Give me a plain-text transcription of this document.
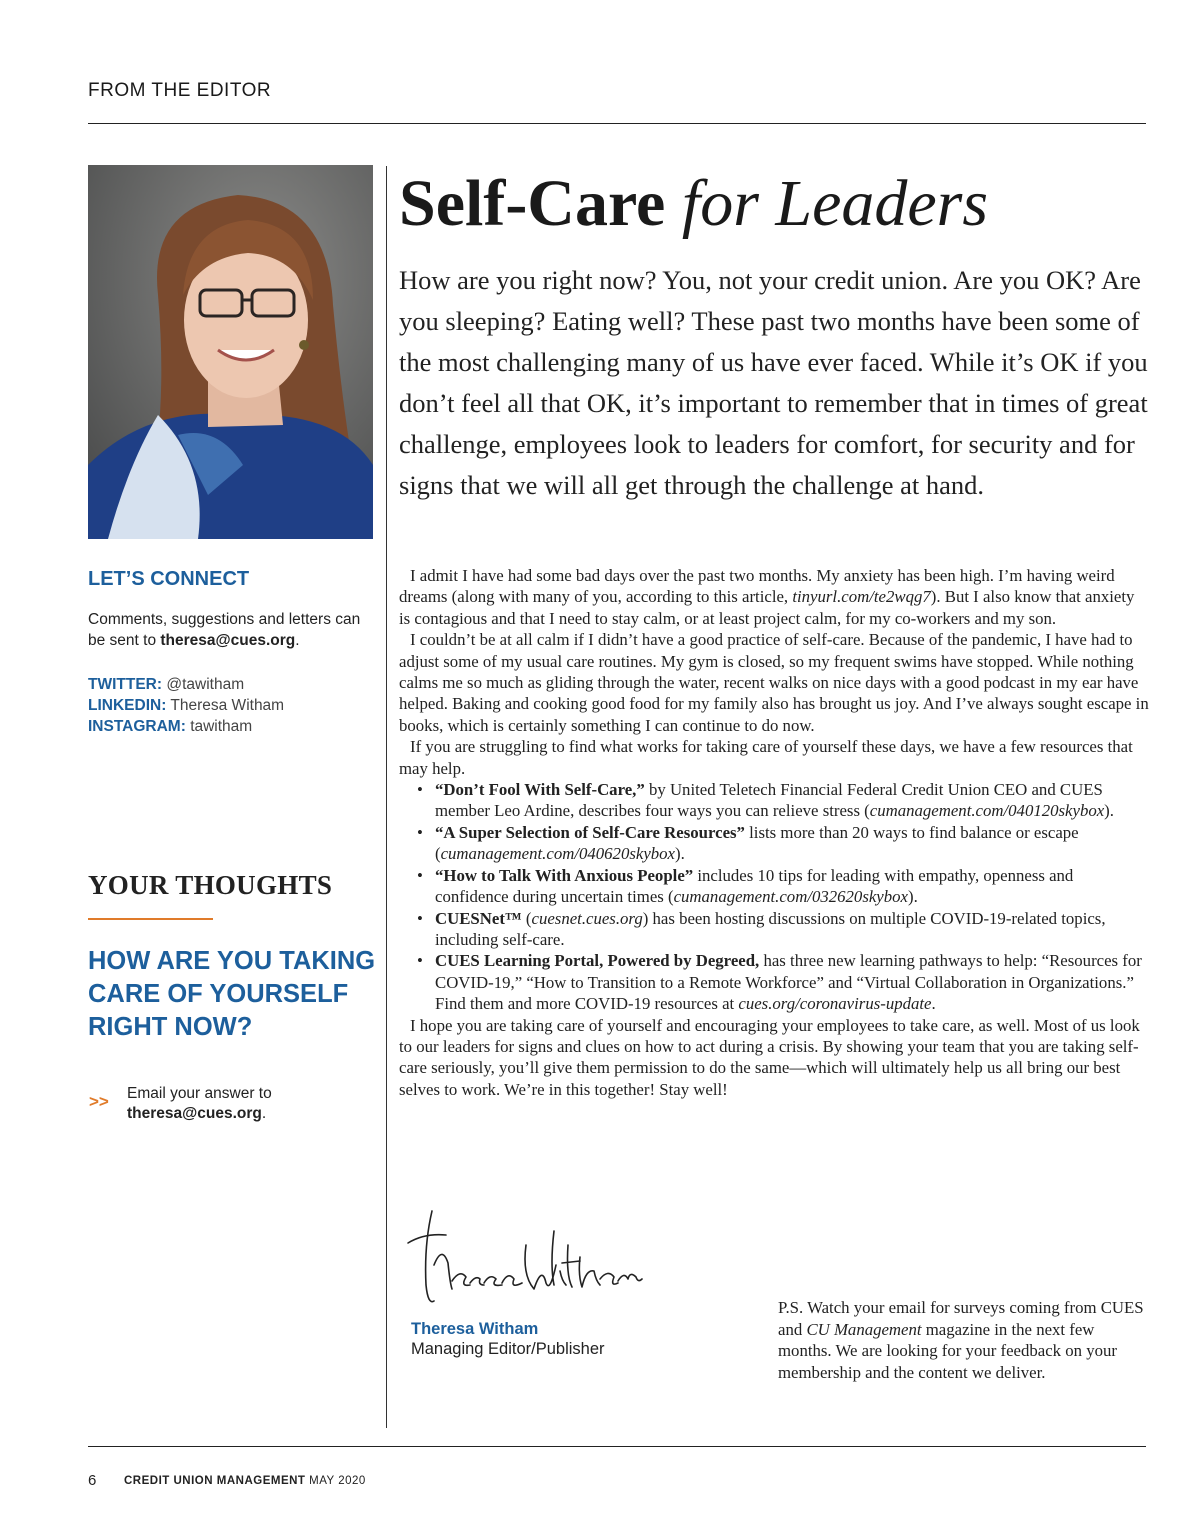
FROM THE EDITOR
LET’S CONNECT
Comments, suggestions and letters can be sent to theresa@cues.org.
TWITTER: @tawitham
LINKEDIN: Theresa Witham
INSTAGRAM: tawitham
YOUR THOUGHTS
HOW ARE YOU TAKING CARE OF YOURSELF RIGHT NOW?
>> Email your answer to
theresa@cues.org.
Self-Care for Leaders
How are you right now? You, not your credit union. Are you OK? Are you sleeping? Eating well? These past two months have been some of the most challenging many of us have ever faced. While it’s OK if you don’t feel all that OK, it’s important to remember that in times of great challenge, employees look to leaders for comfort, for security and for signs that we will all get through the challenge at hand.

I admit I have had some bad days over the past two months. My anxiety has been high. I’m having weird dreams (along with many of you, according to this article, tinyurl.com/te2wqg7). But I also know that anxiety is contagious and that I need to stay calm, or at least project calm, for my co-workers and my son.

I couldn’t be at all calm if I didn’t have a good practice of self-care. Because of the pandemic, I have had to adjust some of my usual care routines. My gym is closed, so my frequent swims have stopped. While nothing calms me so much as gliding through the water, recent walks on nice days with a good podcast in my ear have helped. Baking and cooking good food for my family also has brought us joy. And I’ve always sought escape in books, which is certainly something I can continue to do now.

If you are struggling to find what works for taking care of yourself these days, we have a few resources that may help.

• “Don’t Fool With Self-Care,” by United Teletech Financial Federal Credit Union CEO and CUES member Leo Ardine, describes four ways you can relieve stress (cumanagement.com/040120skybox).
• “A Super Selection of Self-Care Resources” lists more than 20 ways to find balance or escape (cumanagement.com/040620skybox).
• “How to Talk With Anxious People” includes 10 tips for leading with empathy, openness and confidence during uncertain times (cumanagement.com/032620skybox).
• CUESNet™ (cuesnet.cues.org) has been hosting discussions on multiple COVID-19-related topics, including self-care.
• CUES Learning Portal, Powered by Degreed, has three new learning pathways to help: “Resources for COVID-19,” “How to Transition to a Remote Workforce” and “Virtual Collaboration in Organizations.” Find them and more COVID-19 resources at cues.org/coronavirus-update.

I hope you are taking care of yourself and encouraging your employees to take care, as well. Most of us look to our leaders for signs and clues on how to act during a crisis. By showing your team that you are taking self-care seriously, you’ll give them permission to do the same—which will ultimately help us all bring our best selves to work. We’re in this together! Stay well!

Theresa Witham
Managing Editor/Publisher
P.S. Watch your email for surveys coming from CUES and CU Management magazine in the next few months. We are looking for your feedback on your membership and the content we deliver.
6 CREDIT UNION MANAGEMENT MAY 2020
